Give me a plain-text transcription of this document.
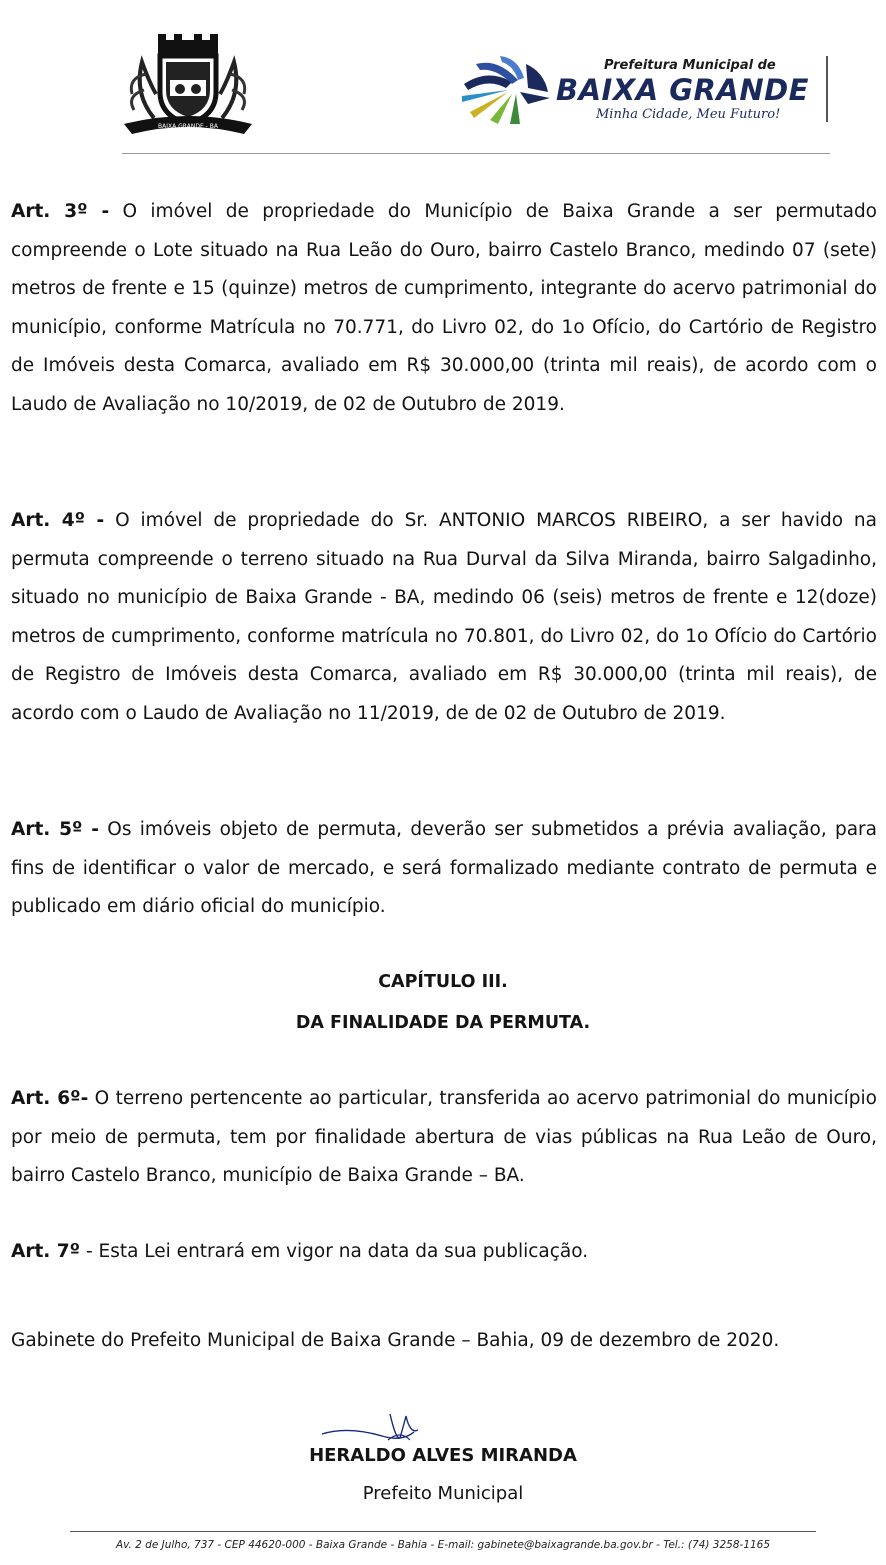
BAIXA GRANDE - BA
Prefeitura Municipal de
BAIXA GRANDE
Minha Cidade, Meu Futuro!

Art. 3º - O imóvel de propriedade do Município de Baixa Grande a ser permutado compreende o Lote situado na Rua Leão do Ouro, bairro Castelo Branco, medindo 07 (sete) metros de frente e 15 (quinze) metros de cumprimento, integrante do acervo patrimonial do município, conforme Matrícula no 70.771, do Livro 02, do 1o Ofício, do Cartório de Registro de Imóveis desta Comarca, avaliado em R$ 30.000,00 (trinta mil reais), de acordo com o Laudo de Avaliação no 10/2019, de 02 de Outubro de 2019.

Art. 4º - O imóvel de propriedade do Sr. ANTONIO MARCOS RIBEIRO, a ser havido na permuta compreende o terreno situado na Rua Durval da Silva Miranda, bairro Salgadinho, situado no município de Baixa Grande - BA, medindo 06 (seis) metros de frente e 12(doze) metros de cumprimento, conforme matrícula no 70.801, do Livro 02, do 1o Ofício do Cartório de Registro de Imóveis desta Comarca, avaliado em R$ 30.000,00 (trinta mil reais), de acordo com o Laudo de Avaliação no 11/2019, de de 02 de Outubro de 2019.

Art. 5º - Os imóveis objeto de permuta, deverão ser submetidos a prévia avaliação, para fins de identificar o valor de mercado, e será formalizado mediante contrato de permuta e publicado em diário oficial do município.

CAPÍTULO III.

DA FINALIDADE DA PERMUTA.

Art. 6º- O terreno pertencente ao particular, transferida ao acervo patrimonial do município por meio de permuta, tem por finalidade abertura de vias públicas na Rua Leão de Ouro, bairro Castelo Branco, município de Baixa Grande – BA.

Art. 7º - Esta Lei entrará em vigor na data da sua publicação.

Gabinete do Prefeito Municipal de Baixa Grande – Bahia, 09 de dezembro de 2020.

HERALDO ALVES MIRANDA
Prefeito Municipal
Av. 2 de Julho, 737 - CEP 44620-000 - Baixa Grande - Bahia - E-mail: gabinete@baixagrande.ba.gov.br - Tel.: (74) 3258-1165
